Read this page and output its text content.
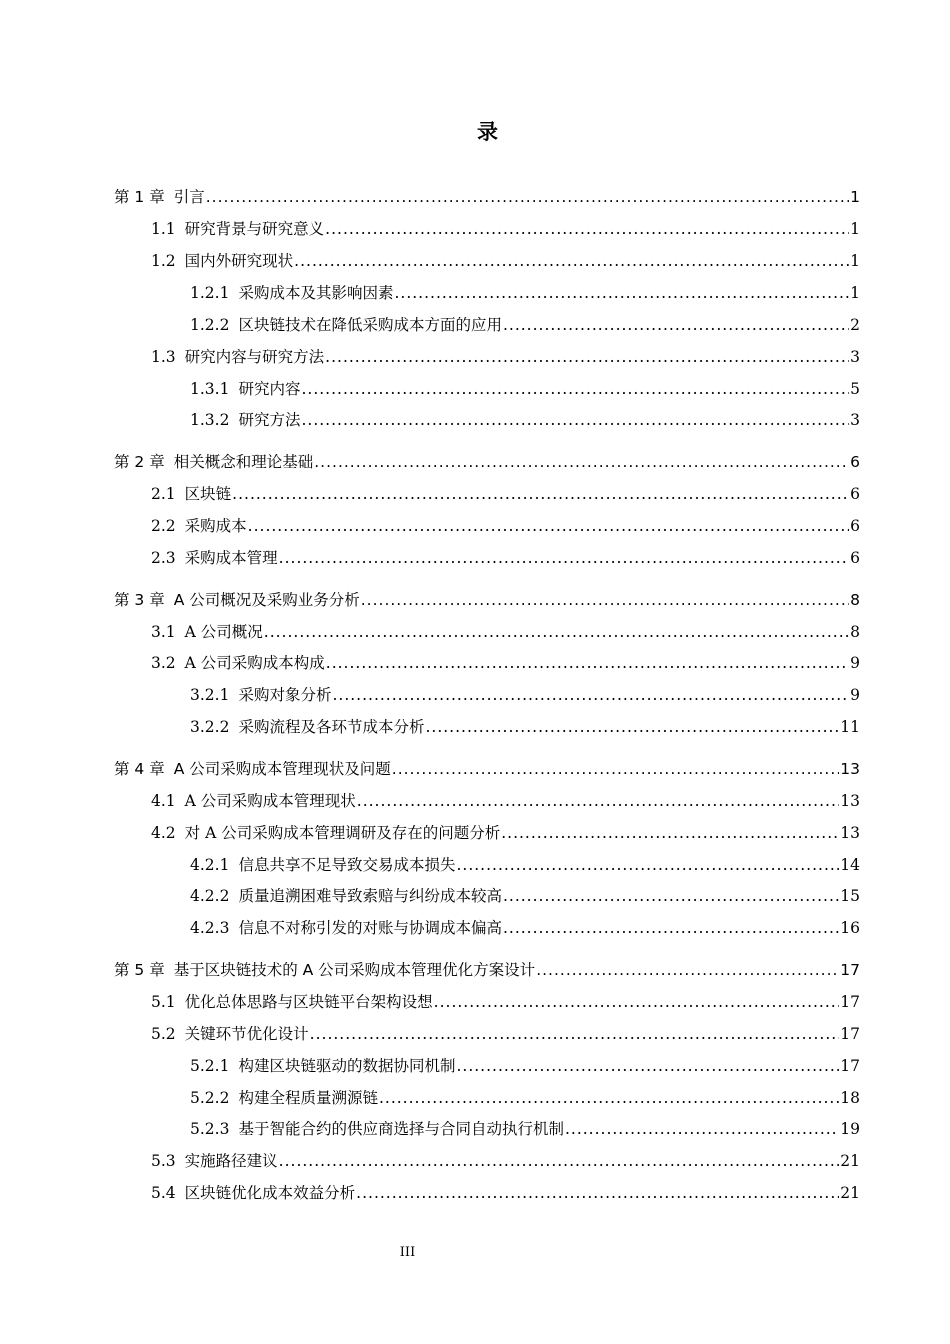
录
第 1 章 引言 .....	1
1.1 研究背景与研究意义 .....	1
1.2 国内外研究现状 .....	1
1.2.1 采购成本及其影响因素 .....	1
1.2.2 区块链技术在降低采购成本方面的应用 .....	2
1.3 研究内容与研究方法 .....	3
1.3.1 研究内容 .....	5
1.3.2 研究方法 .....	3
第 2 章 相关概念和理论基础 .....	6
2.1 区块链 .....	6
2.2 采购成本 .....	6
2.3 采购成本管理 .....	6
第 3 章 A 公司概况及采购业务分析 .....	8
3.1 A 公司概况 .....	8
3.2 A 公司采购成本构成 .....	9
3.2.1 采购对象分析 .....	9
3.2.2 采购流程及各环节成本分析 .....	11
第 4 章 A 公司采购成本管理现状及问题 .....	13
4.1 A 公司采购成本管理现状 .....	13
4.2 对 A 公司采购成本管理调研及存在的问题分析 .....	13
4.2.1 信息共享不足导致交易成本损失 .....	14
4.2.2 质量追溯困难导致索赔与纠纷成本较高 .....	15
4.2.3 信息不对称引发的对账与协调成本偏高 .....	16
第 5 章 基于区块链技术的 A 公司采购成本管理优化方案设计 .....	17
5.1 优化总体思路与区块链平台架构设想 .....	17
5.2 关键环节优化设计 .....	17
5.2.1 构建区块链驱动的数据协同机制 .....	17
5.2.2 构建全程质量溯源链 .....	18
5.2.3 基于智能合约的供应商选择与合同自动执行机制 .....	19
5.3 实施路径建议 .....	21
5.4 区块链优化成本效益分析 .....	21
III
